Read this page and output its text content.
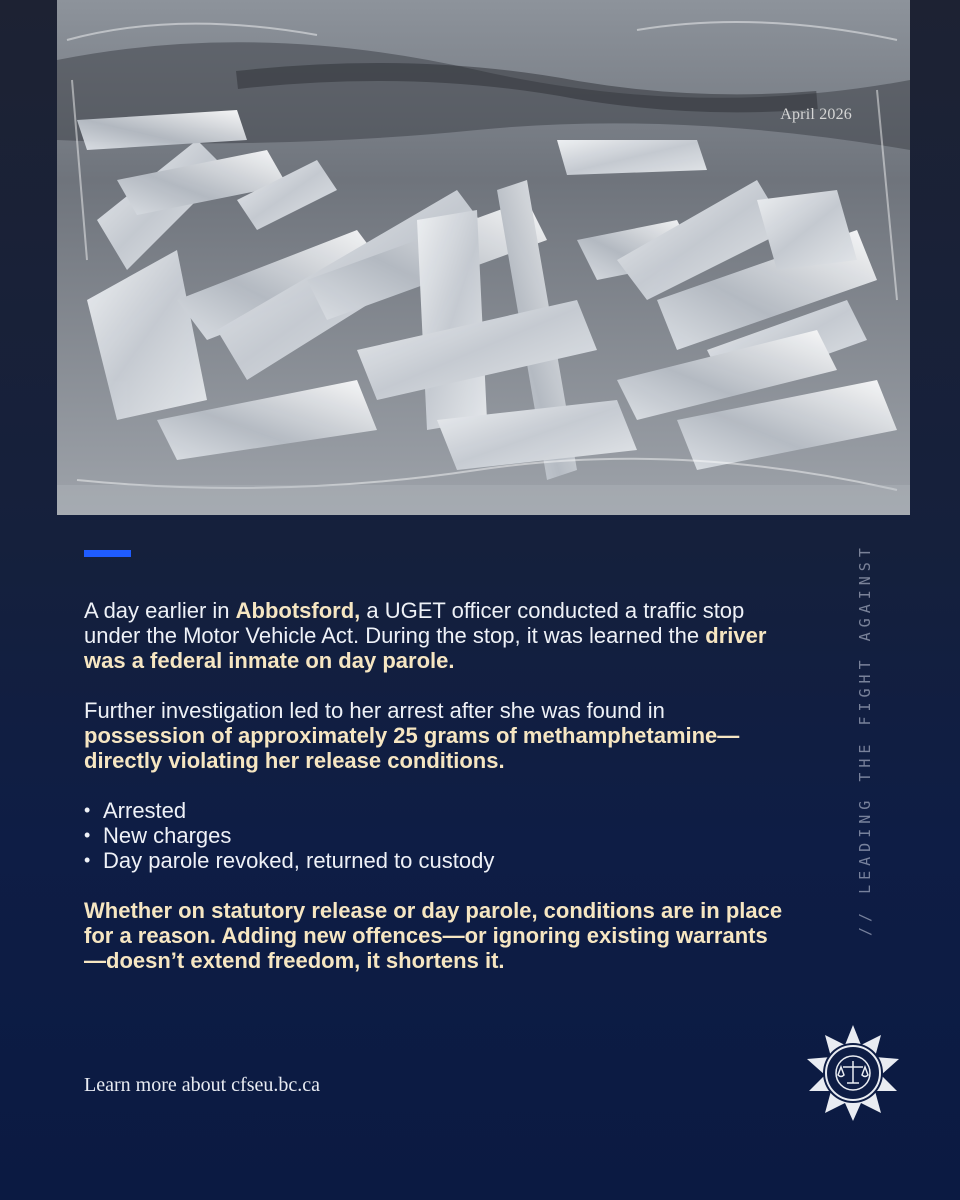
April 2026

A day earlier in Abbotsford, a UGET officer conducted a traffic stop under the Motor Vehicle Act. During the stop, it was learned the driver was a federal inmate on day parole.

Further investigation led to her arrest after she was found in possession of approximately 25 grams of methamphetamine—directly violating her release conditions.

• Arrested
• New charges
• Day parole revoked, returned to custody

Whether on statutory release or day parole, conditions are in place for a reason. Adding new offences—or ignoring existing warrants—doesn’t extend freedom, it shortens it.

// LEADING THE FIGHT AGAINST
Learn more about cfseu.bc.ca
